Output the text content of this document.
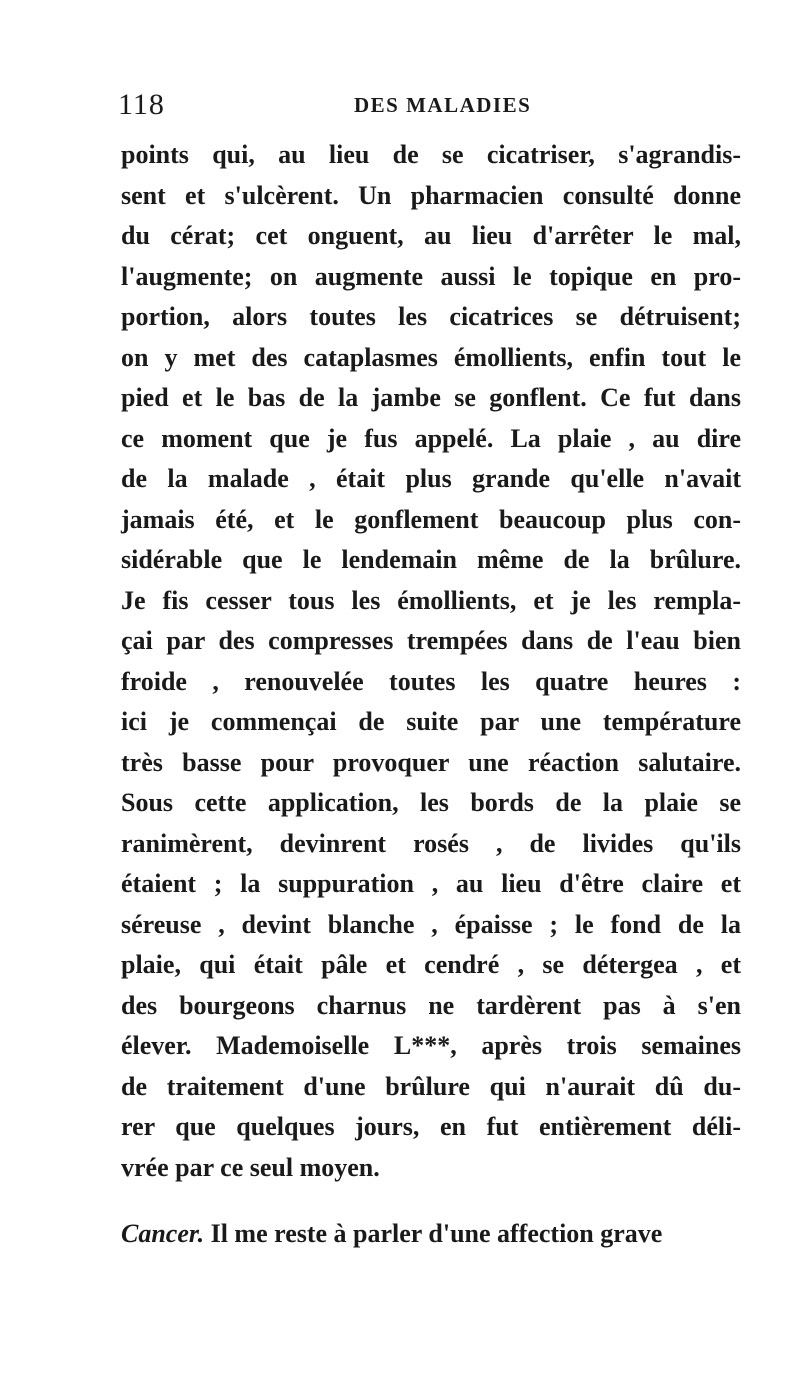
118	DES MALADIES
points qui, au lieu de se cicatriser, s'agrandis-
sent et s'ulcèrent. Un pharmacien consulté donne
du cérat; cet onguent, au lieu d'arrêter le mal,
l'augmente; on augmente aussi le topique en pro-
portion, alors toutes les cicatrices se détruisent;
on y met des cataplasmes émollients, enfin tout le
pied et le bas de la jambe se gonflent. Ce fut dans
ce moment que je fus appelé. La plaie , au dire
de la malade , était plus grande qu'elle n'avait
jamais été, et le gonflement beaucoup plus con-
sidérable que le lendemain même de la brûlure.
Je fis cesser tous les émollients, et je les rempla-
çai par des compresses trempées dans de l'eau bien
froide , renouvelée toutes les quatre heures :
ici je commençai de suite par une température
très basse pour provoquer une réaction salutaire.
Sous cette application, les bords de la plaie se
ranimèrent, devinrent rosés , de livides qu'ils
étaient ; la suppuration , au lieu d'être claire et
séreuse , devint blanche , épaisse ; le fond de la
plaie, qui était pâle et cendré , se détergea , et
des bourgeons charnus ne tardèrent pas à s'en
élever. Mademoiselle L***, après trois semaines
de traitement d'une brûlure qui n'aurait dû du-
rer que quelques jours, en fut entièrement déli-
vrée par ce seul moyen.
Cancer. Il me reste à parler d'une affection grave
